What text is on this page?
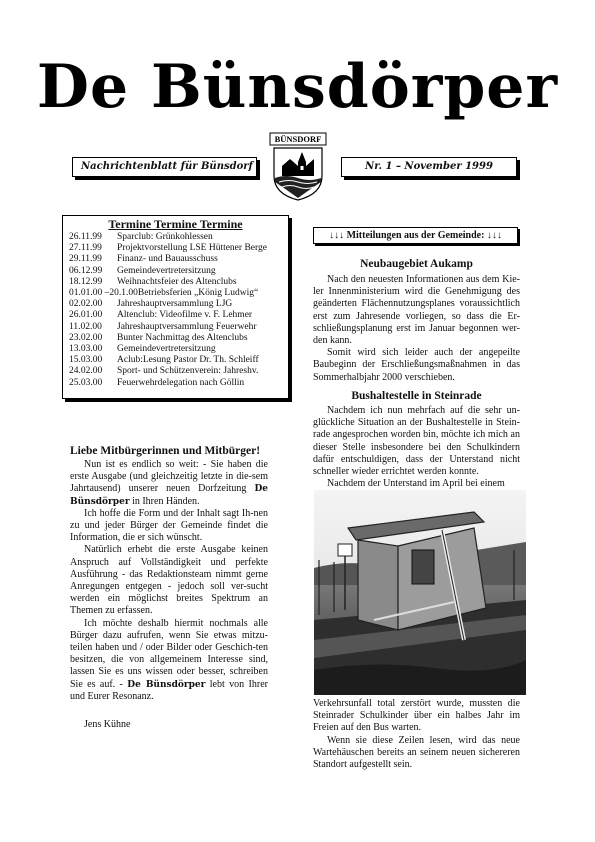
De Bünsdörper
BÜNSDORF
Nachrichtenblatt für Bünsdorf	Nr. 1 – November 1999
Termine Termine Termine
26.11.99 Sparclub: Grünkohlessen
27.11.99 Projektvorstellung LSE Hüttener Berge
29.11.99 Finanz- und Bauausschuss
06.12.99 Gemeindevertretersitzung
18.12.99 Weihnachtsfeier des Altenclubs
01.01.00 –20.1.00Betriebsferien „König Ludwig“
02.02.00 Jahreshauptversammlung LJG
26.01.00 Altenclub: Videofilme v. F. Lehmer
11.02.00 Jahreshauptversammlung Feuerwehr
23.02.00 Bunter Nachmittag des Altenclubs
13.03.00 Gemeindevertretersitzung
15.03.00 Aclub:Lesung Pastor Dr. Th. Schleiff
24.02.00 Sport- und Schützenverein: Jahreshv.
25.03.00 Feuerwehrdelegation nach Göllin
Liebe Mitbürgerinnen und Mitbürger!

Nun ist es endlich so weit: - Sie haben die erste Ausgabe (und gleichzeitig letzte in die-sem Jahrtausend) unserer neuen Dorfzeitung De Bünsdörper in Ihren Händen.

Ich hoffe die Form und der Inhalt sagt Ih-nen zu und jeder Bürger der Gemeinde findet die Information, die er sich wünscht.

Natürlich erhebt die erste Ausgabe keinen Anspruch auf Vollständigkeit und perfekte Ausführung - das Redaktionsteam nimmt gerne Anregungen entgegen - jedoch soll ver-sucht werden ein möglichst breites Spektrum an Themen zu erfassen.

Ich möchte deshalb hiermit nochmals alle Bürger dazu aufrufen, wenn Sie etwas mitzu-teilen haben und / oder Bilder oder Geschich-ten besitzen, die von allgemeinem Interesse sind, lassen Sie es uns wissen oder besser, schreiben Sie es auf. - De Bünsdörper lebt von Ihrer und Eurer Resonanz.

Jens Kühne

↓↓↓ Mitteilungen aus der Gemeinde: ↓↓↓
Neubaugebiet Aukamp

Nach den neuesten Informationen aus dem Kie-ler Innenministerium wird die Genehmigung des geänderten Flächennutzungsplanes voraussichtlich erst zum Jahresende vorliegen, so dass die Er-schließungsplanung erst im Januar begonnen wer-den kann.

Somit wird sich leider auch der angepeilte Baubeginn der Erschließungsmaßnahmen in das Sommerhalbjahr 2000 verschieben.

Bushaltestelle in Steinrade

Nachdem ich nun mehrfach auf die sehr un-glückliche Situation an der Bushaltestelle in Stein-rade angesprochen worden bin, möchte ich mich an dieser Stelle insbesondere bei den Schulkindern dafür entschuldigen, dass der Unterstand nicht schneller wieder errichtet werden konnte.

Nachdem der Unterstand im April bei einem

Verkehrsunfall total zerstört wurde, mussten die Steinrader Schulkinder über ein halbes Jahr im Freien auf den Bus warten.

Wenn sie diese Zeilen lesen, wird das neue Wartehäuschen bereits an seinem neuen sichereren Standort aufgestellt sein.
